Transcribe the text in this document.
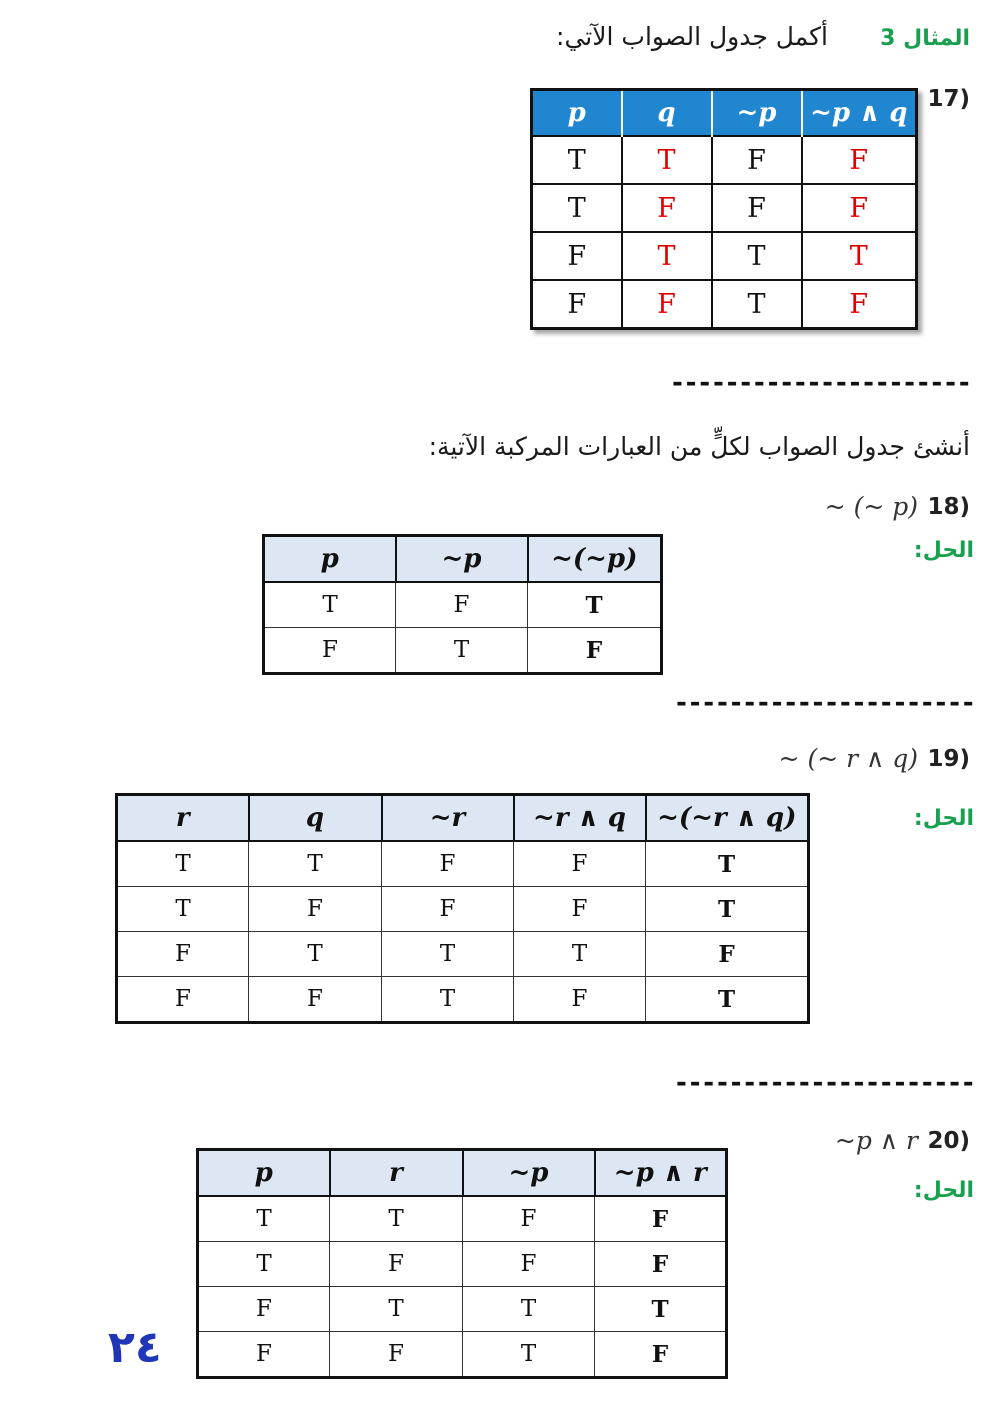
المثال 3
أكمل جدول الصواب الآتي:
(17
p	q	~p	~p ∧ q
T	T	F	F
T	F	F	F
F	T	T	T
F	F	T	F
----------------------
أنشئ جدول الصواب لكلٍّ من العبارات المركبة الآتية:
(18
~ (~ p)
الحل:
p	~p	~(~p)
T	F	T
F	T	F
----------------------
(19
~ (~ r ∧ q)
الحل:
r	q	~r	~r ∧ q	~(~r ∧ q)
T	T	F	F	T
T	F	F	F	T
F	T	T	T	F
F	F	T	F	T
----------------------
(20
~p ∧ r
الحل:
p	r	~p	~p ∧ r
T	T	F	F
T	F	F	F
F	T	T	T
F	F	T	F
٢٤
